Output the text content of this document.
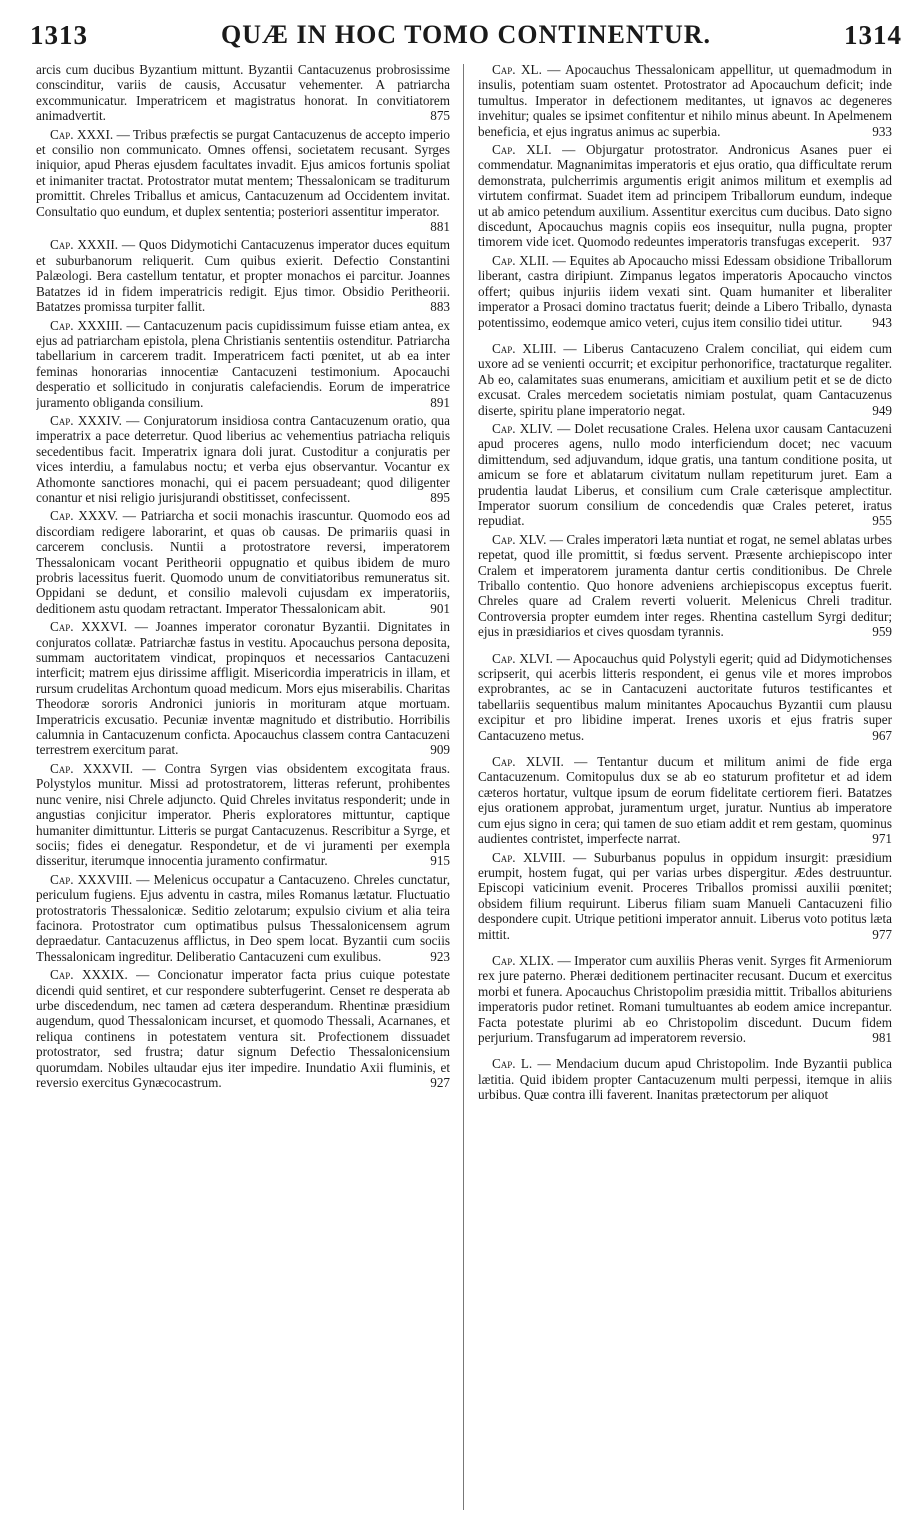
1313	QUÆ IN HOC TOMO CONTINENTUR.	1314

arcis cum ducibus Byzantium mittunt. Byzantii Cantacuzenus probrosissime conscinditur, variis de causis, Accusatur vehementer. A patriarcha excommunicatur. Imperatricem et magistratus honorat. In convitiatorem animadvertit.	875

Cap. XXXI. — Tribus præfectis se purgat Cantacuzenus de accepto imperio et consilio non communicato. Omnes offensi, societatem recusant. Syrges iniquior, apud Pheras ejusdem facultates invadit. Ejus amicos fortunis spoliat et inimaniter tractat. Protostrator mutat mentem; Thessalonicam se traditurum promittit. Chreles Triballus et amicus, Cantacuzenum ad Occidentem invitat. Consultatio quo eundum, et duplex sententia; posteriori assentitur imperator.
881

Cap. XXXII. — Quos Didymotichi Cantacuzenus imperator duces equitum et suburbanorum reliquerit. Cum quibus exierit. Defectio Constantini Palæologi. Bera castellum tentatur, et propter monachos ei parcitur. Joannes Batatzes id in fidem imperatricis redigit. Ejus timor. Obsidio Peritheorii. Batatzes promissa turpiter fallit.	883

Cap. XXXIII. — Cantacuzenum pacis cupidissimum fuisse etiam antea, ex ejus ad patriarcham epistola, plena Christianis sententiis ostenditur. Patriarcha tabellarium in carcerem tradit. Imperatricem facti pœnitet, ut ab ea inter feminas honorarias innocentiæ Cantacuzeni testimonium. Apocauchi desperatio et sollicitudo in conjuratis calefaciendis. Eorum de imperatrice juramento obliganda consilium.	891

Cap. XXXIV. — Conjuratorum insidiosa contra Cantacuzenum oratio, qua imperatrix a pace deterretur. Quod liberius ac vehementius patriacha reliquis secedentibus facit. Imperatrix ignara doli jurat. Custoditur a conjuratis per vices interdiu, a famulabus noctu; et verba ejus observantur. Vocantur ex Athomonte sanctiores monachi, qui ei pacem persuadeant; quod diligenter conantur et nisi religio jurisjurandi obstitisset, confecissent.	895

Cap. XXXV. — Patriarcha et socii monachis irascuntur. Quomodo eos ad discordiam redigere laborarint, et quas ob causas. De primariis quasi in carcerem conclusis. Nuntii a protostratore reversi, imperatorem Thessalonicam vocant Peritheorii oppugnatio et quibus ibidem de muro probris lacessitus fuerit. Quomodo unum de convitiatoribus remuneratus sit. Oppidani se dedunt, et consilio malevoli cujusdam ex imperatoriis, deditionem astu quodam retractant. Imperator Thessalonicam abit.	901

Cap. XXXVI. — Joannes imperator coronatur Byzantii. Dignitates in conjuratos collatæ. Patriarchæ fastus in vestitu. Apocauchus persona deposita, summam auctoritatem vindicat, propinquos et necessarios Cantacuzeni interficit; matrem ejus dirissime affligit. Misericordia imperatricis in illam, et rursum crudelitas Archontum quoad medicum. Mors ejus miserabilis. Charitas Theodoræ sororis Andronici junioris in morituram atque mortuam. Imperatricis excusatio. Pecuniæ inventæ magnitudo et distributio. Horribilis calumnia in Cantacuzenum conficta. Apocauchus classem contra Cantacuzeni terrestrem exercitum parat.	909

Cap. XXXVII. — Contra Syrgen vias obsidentem excogitata fraus. Polystylos munitur. Missi ad protostratorem, litteras referunt, prohibentes nunc venire, nisi Chrele adjuncto. Quid Chreles invitatus responderit; unde in angustias conjicitur imperator. Pheris exploratores mittuntur, captique humaniter dimittuntur. Litteris se purgat Cantacuzenus. Rescribitur a Syrge, et sociis; fides ei denegatur. Respondetur, et de vi juramenti per exempla disseritur, iterumque innocentia juramento confirmatur.	915

Cap. XXXVIII. — Melenicus occupatur a Cantacuzeno. Chreles cunctatur, periculum fugiens. Ejus adventu in castra, miles Romanus lætatur. Fluctuatio protostratoris Thessalonicæ. Seditio zelotarum; expulsio civium et alia teira facinora. Protostrator cum optimatibus pulsus Thessalonicensem agrum depraedatur. Cantacuzenus afflictus, in Deo spem locat. Byzantii cum sociis Thessalonicam ingreditur. Deliberatio Cantacuzeni cum exulibus.	923

Cap. XXXIX. — Concionatur imperator facta prius cuique potestate dicendi quid sentiret, et cur respondere subterfugerint. Censet re desperata ab urbe discedendum, nec tamen ad cætera desperandum. Rhentinæ præsidium augendum, quod Thessalonicam incurset, et quomodo Thessali, Acarnanes, et reliqua continens in potestatem ventura sit. Profectionem dissuadet protostrator, sed frustra; datur signum Defectio Thessalonicensium quorumdam. Nobiles ultaudar ejus iter impedire. Inundatio Axii fluminis, et reversio exercitus Gynæcocastrum.	927

Cap. XL. — Apocauchus Thessalonicam appellitur, ut quemadmodum in insulis, potentiam suam ostentet. Protostrator ad Apocauchum deficit; inde tumultus. Imperator in defectionem meditantes, ut ignavos ac degeneres invehitur; quales se ipsimet confitentur et nihilo minus abeunt. In Apelmenem beneficia, et ejus ingratus animus ac superbia.	933

Cap. XLI. — Objurgatur protostrator. Andronicus Asanes puer ei commendatur. Magnanimitas imperatoris et ejus oratio, qua difficultate rerum demonstrata, pulcherrimis argumentis erigit animos militum et exemplis ad virtutem confirmat. Suadet item ad principem Triballorum eundum, indeque ut ab amico petendum auxilium. Assentitur exercitus cum ducibus. Dato signo discedunt, Apocauchus magnis copiis eos insequitur, nulla pugna, propter timorem vide icet. Quomodo redeuntes imperatoris transfugas exceperit. 937

Cap. XLII. — Equites ab Apocaucho missi Edessam obsidione Triballorum liberant, castra diripiunt. Zimpanus legatos imperatoris Apocaucho vinctos offert; quibus injuriis iidem vexati sint. Quam humaniter et liberaliter imperator a Prosaci domino tractatus fuerit; deinde a Libero Triballo, dynasta potentissimo, eodemque amico veteri, cujus item consilio tidei utitur.	943

Cap. XLIII. — Liberus Cantacuzeno Cralem conciliat, qui eidem cum uxore ad se venienti occurrit; et excipitur perhonorifice, tractaturque regaliter. Ab eo, calamitates suas enumerans, amicitiam et auxilium petit et se de dicto excusat. Crales mercedem societatis nimiam postulat, quam Cantacuzenus diserte, spiritu plane imperatorio negat.	949

Cap. XLIV. — Dolet recusatione Crales. Helena uxor causam Cantacuzeni apud proceres agens, nullo modo interficiendum docet; nec vacuum dimittendum, sed adjuvandum, idque gratis, una tantum conditione posita, ut amicum se fore et ablatarum civitatum nullam repetiturum juret. Eam a prudentia laudat Liberus, et consilium cum Crale cæterisque amplectitur. Imperator suorum consilium de concedendis quæ Crales peteret, iratus repudiat.	955

Cap. XLV. — Crales imperatori læta nuntiat et rogat, ne semel ablatas urbes repetat, quod ille promittit, si fœdus servent. Præsente archiepiscopo inter Cralem et imperatorem juramenta dantur certis conditionibus. De Chrele Triballo contentio. Quo honore adveniens archiepiscopus exceptus fuerit. Chreles quare ad Cralem reverti voluerit. Melenicus Chreli traditur. Controversia propter eumdem inter reges. Rhentina castellum Syrgi deditur; ejus in præsidiarios et cives quosdam tyrannis.	959

Cap. XLVI. — Apocauchus quid Polystyli egerit; quid ad Didymotichenses scripserit, qui acerbis litteris respondent, ei genus vile et mores improbos exprobrantes, ac se in Cantacuzeni auctoritate futuros testificantes et tabellariis sequentibus malum minitantes Apocauchus Byzantii cum plausu excipitur et pro libidine imperat. Irenes uxoris et ejus fratris super Cantacuzeno metus.	967

Cap. XLVII. — Tentantur ducum et militum animi de fide erga Cantacuzenum. Comitopulus dux se ab eo staturum profitetur et ad idem cæteros hortatur, vultque ipsum de eorum fidelitate certiorem fieri. Batatzes ejus orationem approbat, juramentum urget, juratur. Nuntius ab imperatore cum ejus signo in cera; qui tamen de suo etiam addit et rem gestam, quominus audientes contristet, imperfecte narrat.	971

Cap. XLVIII. — Suburbanus populus in oppidum insurgit: præsidium erumpit, hostem fugat, qui per varias urbes dispergitur. Ædes destruuntur. Episcopi vaticinium evenit. Proceres Triballos promissi auxilii pœnitet; obsidem filium requirunt. Liberus filiam suam Manueli Cantacuzeni filio despondere cupit. Utrique petitioni imperator annuit. Liberus voto potitus læta mittit.	977

Cap. XLIX. — Imperator cum auxiliis Pheras venit. Syrges fit Armeniorum rex jure paterno. Pheræi deditionem pertinaciter recusant. Ducum et exercitus morbi et funera. Apocauchus Christopolim præsidia mittit. Triballos abituriens imperatoris pudor retinet. Romani tumultuantes ab eodem amice increpantur. Facta potestate plurimi ab eo Christopolim discedunt. Ducum fidem perjurium. Transfugarum ad imperatorem reversio.	981

Cap. L. — Mendacium ducum apud Christopolim. Inde Byzantii publica lætitia. Quid ibidem propter Cantacuzenum multi perpessi, itemque in aliis urbibus. Quæ contra illi faverent. Inanitas prætectorum per aliquot
